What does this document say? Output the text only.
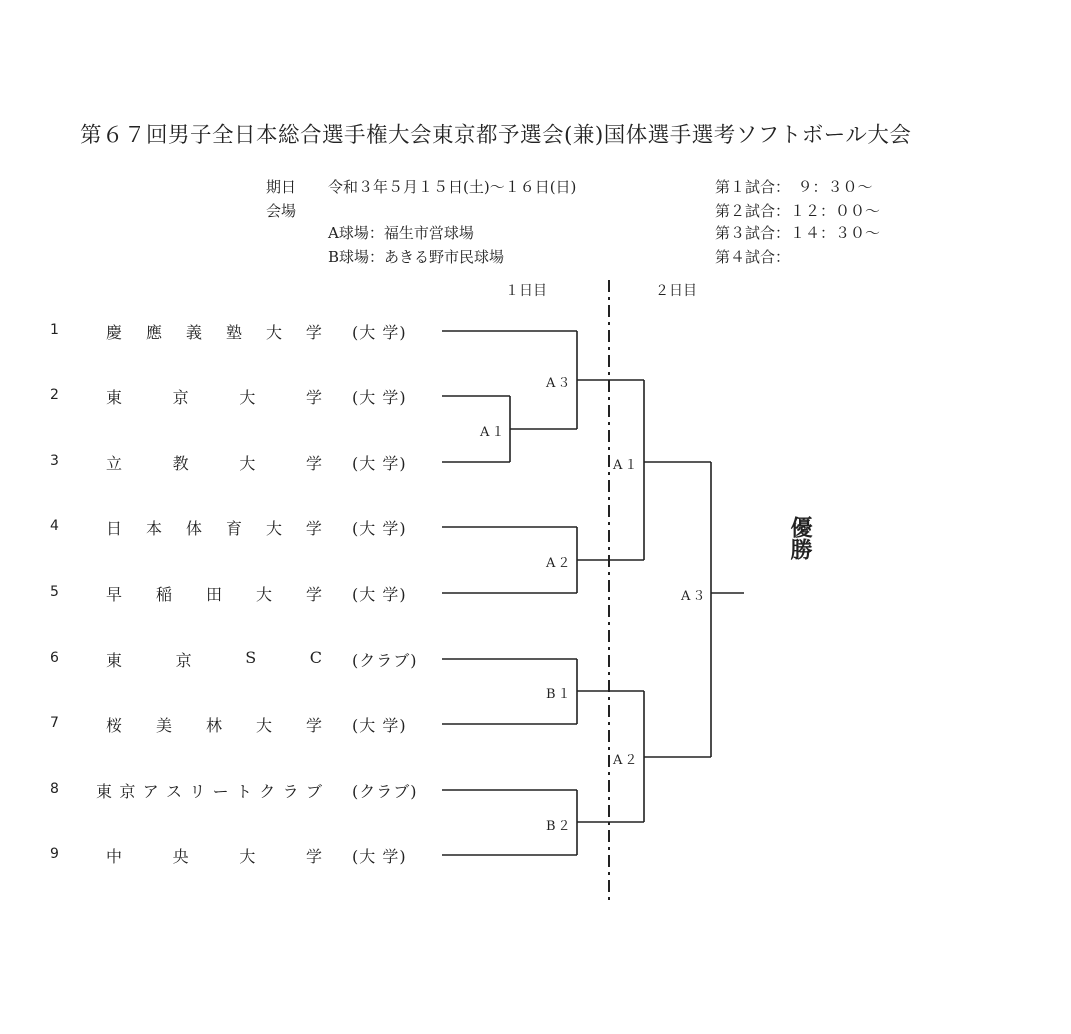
第６７回男子全日本総合選手権大会東京都予選会(兼)国体選手選考ソフトボール大会
期日 令和３年５月１５日(土)～１６日(日)
会場
A球場：福生市営球場
B球場：あきる野市民球場
第１試合：　９：３０～
第２試合：１２：００～
第３試合：１４：３０～
第４試合：
１日目	２日目
1	慶 應 義 塾 大 学 (大 学)
2	東	京	大	学 (大 学)
3	立	教	大	学 (大 学)
4	日 本 体 育 大 学 (大 学)
5	早 稲 田 大 学 (大 学)
6	東	京	S	C (クラブ)
7	桜 美 林 大 学 (大 学)
8	東 京 ア ス リ ー ト ク ラ ブ (クラブ)
9	中	央	大	学 (大 学)
A３
A１
A２
B１
B２
A１
A２
A３
優勝
